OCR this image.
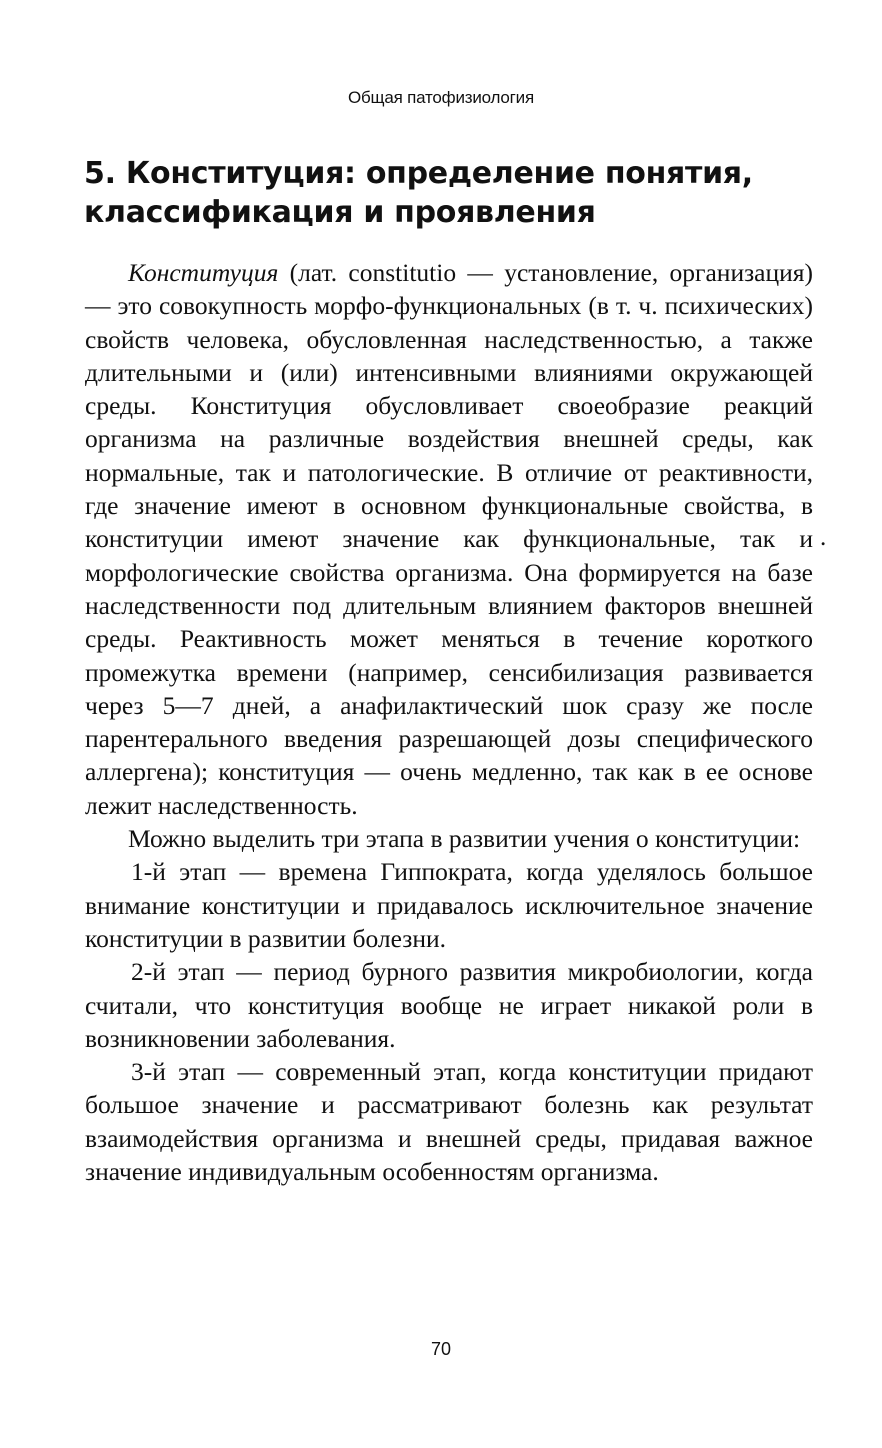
Общая патофизиология
5. Конституция: определение понятия, классификация и проявления

Конституция (лат. constitutio — установление, организация) — это совокупность морфо-функциональных (в т. ч. психических) свойств человека, обусловленная наследственностью, а также длительными и (или) интенсивными влияниями окружающей среды. Конституция обусловливает своеобразие реакций организма на различные воздействия внешней среды, как нормальные, так и патологические. В отличие от реактивности, где значение имеют в основном функциональные свойства, в конституции имеют значение как функциональные, так и морфологические свойства организма. Она формируется на базе наследственности под длительным влиянием факторов внешней среды. Реактивность может меняться в течение короткого промежутка времени (например, сенсибилизация развивается через 5—7 дней, а анафилактический шок сразу же после парентерального введения разрешающей дозы специфического аллергена); конституция — очень медленно, так как в ее основе лежит наследственность.

Можно выделить три этапа в развитии учения о конституции:

1-й этап — времена Гиппократа, когда уделялось большое внимание конституции и придавалось исключительное значение конституции в развитии болезни.

2-й этап — период бурного развития микробиологии, когда считали, что конституция вообще не играет никакой роли в возникновении заболевания.

3-й этап — современный этап, когда конституции придают большое значение и рассматривают болезнь как результат взаимодействия организма и внешней среды, придавая важное значение индивидуальным особенностям организма.

.
70
